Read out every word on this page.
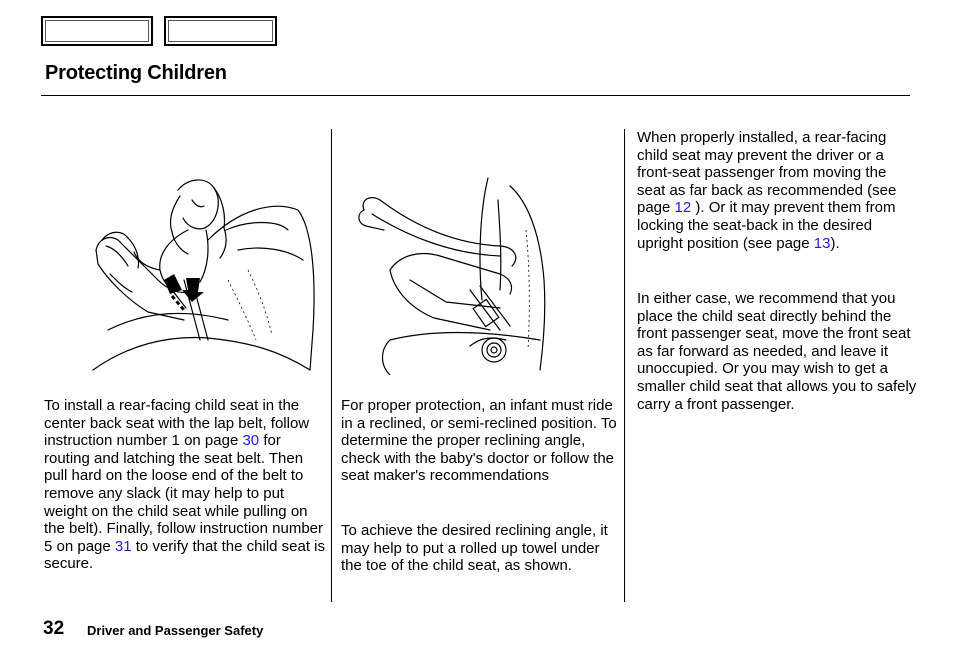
Protecting Children

To install a rear-facing child seat in the center back seat with the lap belt, follow instruction number 1 on page 30 for routing and latching the seat belt. Then pull hard on the loose end of the belt to remove any slack (it may help to put weight on the child seat while pulling on the belt). Finally, follow instruction number 5 on page 31 to verify that the child seat is secure.

For proper protection, an infant must ride in a reclined, or semi-reclined position. To determine the proper reclining angle, check with the baby's doctor or follow the seat maker's recommendations

To achieve the desired reclining angle, it may help to put a rolled up towel under the toe of the child seat, as shown.

When properly installed, a rear-facing child seat may prevent the driver or a front-seat passenger from moving the seat as far back as recommended (see page 12 ). Or it may prevent them from locking the seat-back in the desired upright position (see page 13).

In either case, we recommend that you place the child seat directly behind the front passenger seat, move the front seat as far forward as needed, and leave it unoccupied. Or you may wish to get a smaller child seat that allows you to safely carry a front passenger.

32 Driver and Passenger Safety
